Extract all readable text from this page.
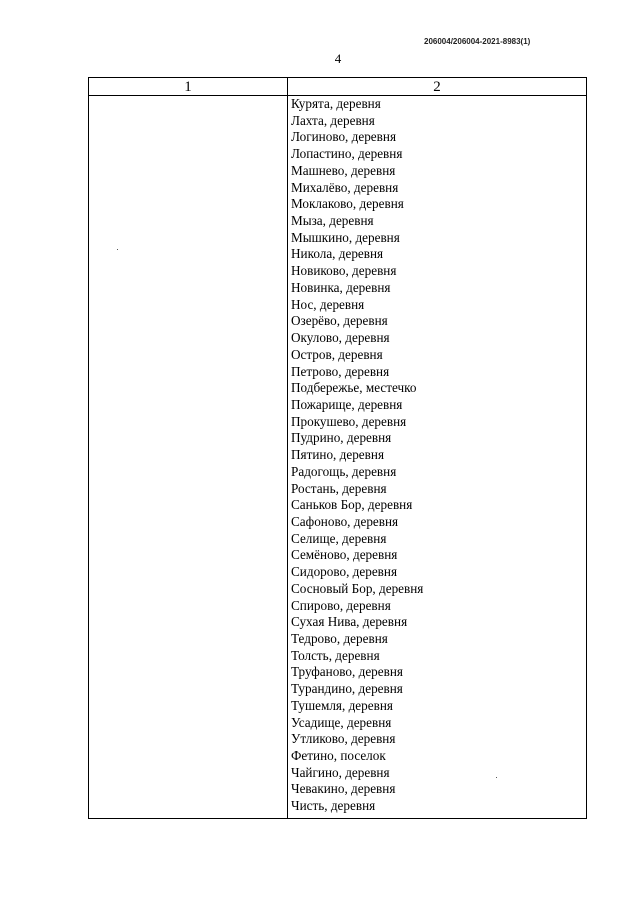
206004/206004-2021-8983(1)
4
1	2
Курята, деревня
Лахта, деревня
Логиново, деревня
Лопастино, деревня
Машнево, деревня
Михалёво, деревня
Моклаково, деревня
Мыза, деревня
Мышкино, деревня
Никола, деревня
Новиково, деревня
Новинка, деревня
Нос, деревня
Озерёво, деревня
Окулово, деревня
Остров, деревня
Петрово, деревня
Подбережье, местечко
Пожарище, деревня
Прокушево, деревня
Пудрино, деревня
Пятино, деревня
Радогощь, деревня
Ростань, деревня
Саньков Бор, деревня
Сафоново, деревня
Селище, деревня
Семёново, деревня
Сидорово, деревня
Сосновый Бор, деревня
Спирово, деревня
Сухая Нива, деревня
Тедрово, деревня
Толсть, деревня
Труфаново, деревня
Турандино, деревня
Тушемля, деревня
Усадище, деревня
Утликово, деревня
Фетино, поселок
Чайгино, деревня
Чевакино, деревня
Чисть, деревня
